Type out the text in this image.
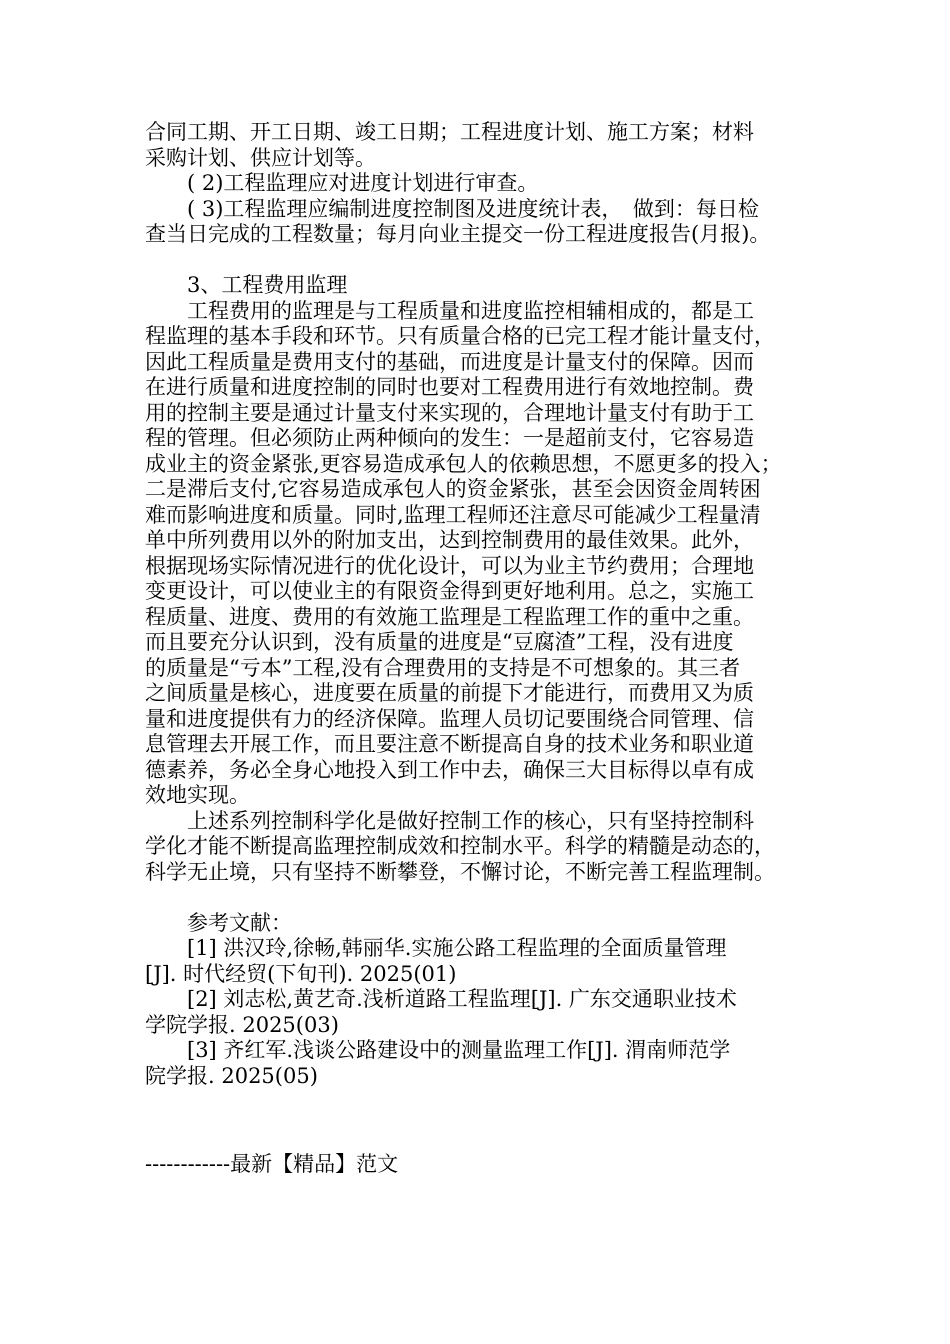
合同工期、开工日期、竣工日期；工程进度计划、施工方案；材料
采购计划、供应计划等。
　　( 2)工程监理应对进度计划进行审查。
　　( 3)工程监理应编制进度控制图及进度统计表，　做到：每日检
查当日完成的工程数量；每月向业主提交一份工程进度报告(月报)。
　　3、工程费用监理
　　工程费用的监理是与工程质量和进度监控相辅相成的，都是工
程监理的基本手段和环节。只有质量合格的已完工程才能计量支付，
因此工程质量是费用支付的基础，而进度是计量支付的保障。因而
在进行质量和进度控制的同时也要对工程费用进行有效地控制。费
用的控制主要是通过计量支付来实现的，合理地计量支付有助于工
程的管理。但必须防止两种倾向的发生：一是超前支付，它容易造
成业主的资金紧张,更容易造成承包人的依赖思想，不愿更多的投入；
二是滞后支付,它容易造成承包人的资金紧张，甚至会因资金周转困
难而影响进度和质量。同时,监理工程师还注意尽可能减少工程量清
单中所列费用以外的附加支出，达到控制费用的最佳效果。此外，
根据现场实际情况进行的优化设计，可以为业主节约费用；合理地
变更设计，可以使业主的有限资金得到更好地利用。总之，实施工
程质量、进度、费用的有效施工监理是工程监理工作的重中之重。
而且要充分认识到，没有质量的进度是“豆腐渣”工程，没有进度
的质量是“亏本”工程,没有合理费用的支持是不可想象的。其三者
之间质量是核心，进度要在质量的前提下才能进行，而费用又为质
量和进度提供有力的经济保障。监理人员切记要围绕合同管理、信
息管理去开展工作，而且要注意不断提高自身的技术业务和职业道
德素养，务必全身心地投入到工作中去，确保三大目标得以卓有成
效地实现。
　　上述系列控制科学化是做好控制工作的核心，只有坚持控制科
学化才能不断提高监理控制成效和控制水平。科学的精髓是动态的，
科学无止境，只有坚持不断攀登，不懈讨论，不断完善工程监理制。
　　参考文献：
　　[1] 洪汉玲,徐畅,韩丽华.实施公路工程监理的全面质量管理
[J]. 时代经贸(下旬刊). 2025(01)
　　[2] 刘志松,黄艺奇.浅析道路工程监理[J]. 广东交通职业技术
学院学报. 2025(03)
　　[3] 齐红军.浅谈公路建设中的测量监理工作[J]. 渭南师范学
院学报. 2025(05)
------------最新【精品】范文
